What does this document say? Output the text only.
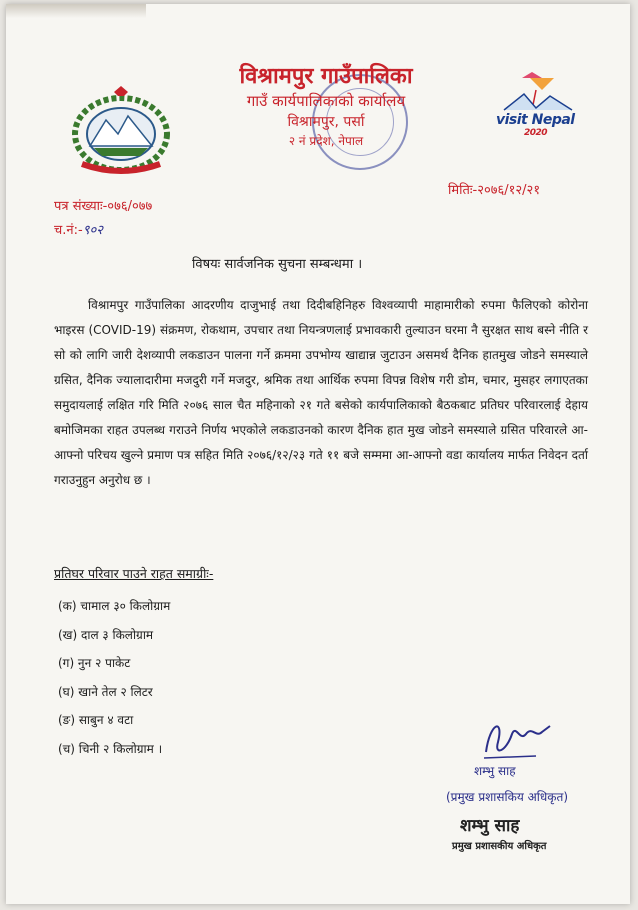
विश्रामपुर गाउँपालिका
गाउँ कार्यपालिकाको कार्यालय
विश्रामपुर, पर्सा
२ नं प्रदेश, नेपाल
visit Nepal
2020
पत्र संख्याः-०७६/०७७
च.नं:-९०२
मितिः-२०७६/१२/२१
विषयः सार्वजनिक सुचना सम्बन्धमा ।
विश्रामपुर गाउँपालिका आदरणीय दाजुभाई तथा दिदीबहिनिहरु विश्वव्यापी माहामारीको रुपमा फैलिएको कोरोना भाइरस (COVID-19) संक्रमण, रोकथाम, उपचार तथा नियन्त्रणलाई प्रभावकारी तुल्याउन घरमा नै सुरक्षत साथ बस्ने नीति र सो को लागि जारी देशव्यापी लकडाउन पालना गर्ने क्रममा उपभोग्य खाद्यान्न जुटाउन असमर्थ दैनिक हातमुख जोडने समस्याले ग्रसित, दैनिक ज्यालादारीमा मजदुरी गर्ने मजदुर, श्रमिक तथा आर्थिक रुपमा विपन्न विशेष गरी डोम, चमार, मुसहर लगाएतका समुदायलाई लक्षित गरि मिति २०७६ साल चैत महिनाको २१ गते बसेको कार्यपालिकाको बैठकबाट प्रतिघर परिवारलाई देहाय बमोजिमका राहत उपलब्ध गराउने निर्णय भएकोले लकडाउनको कारण दैनिक हात मुख जोडने समस्याले ग्रसित परिवारले आ-आफ्नो परिचय खुल्ने प्रमाण पत्र सहित मिति २०७६/१२/२३ गते ११ बजे सम्ममा आ-आफ्नो वडा कार्यालय मार्फत निवेदन दर्ता गराउनुहुन अनुरोध छ ।
प्रतिघर परिवार पाउने राहत समाग्रीः-
(क) चामाल ३० किलोग्राम
(ख) दाल ३ किलोग्राम
(ग) नुन २ पाकेट
(घ) खाने तेल २ लिटर
(ङ) साबुन ४ वटा
(च) चिनी २ किलोग्राम ।
शम्भु साह
(प्रमुख प्रशासकिय अधिकृत)
शम्भु साह
प्रमुख प्रशासकीय अधिकृत
